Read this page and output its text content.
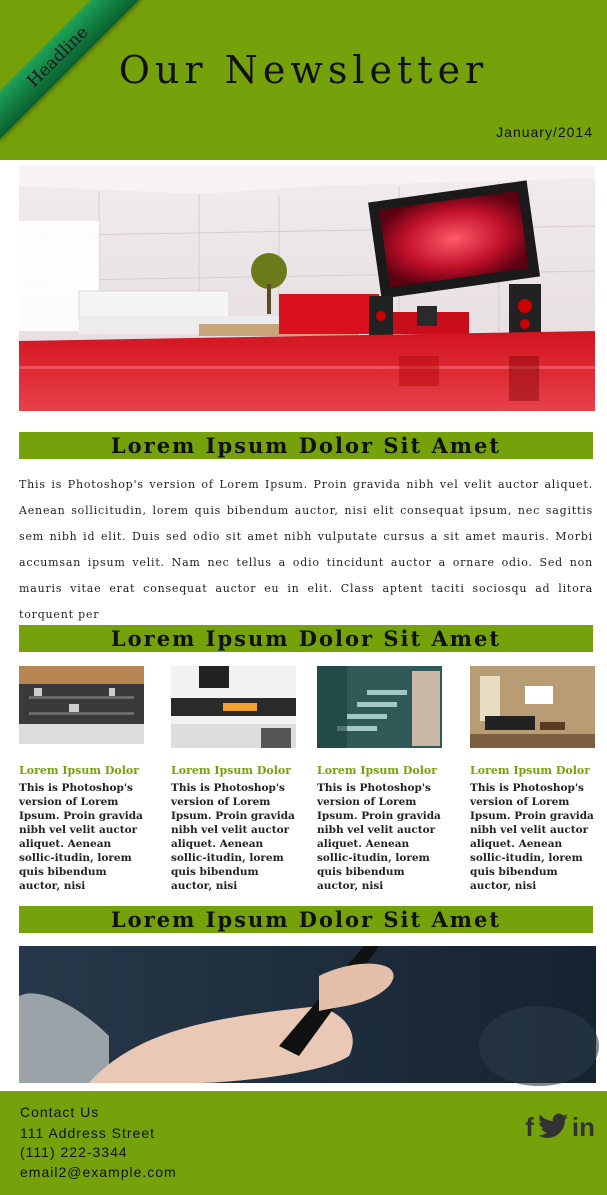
Headline Our Newsletter
January/2014
Lorem Ipsum Dolor Sit Amet
This is Photoshop's version of Lorem Ipsum. Proin gravida nibh vel velit auctor aliquet. Aenean sollicitudin, lorem quis bibendum auctor, nisi elit consequat ipsum, nec sagittis sem nibh id elit. Duis sed odio sit amet nibh vulputate cursus a sit amet mauris. Morbi accumsan ipsum velit. Nam nec tellus a odio tincidunt auctor a ornare odio. Sed non mauris vitae erat consequat auctor eu in elit. Class aptent taciti sociosqu ad litora torquent per
Lorem Ipsum Dolor Sit Amet
Lorem Ipsum Dolor
This is Photoshop's version of Lorem Ipsum. Proin gravida nibh vel velit auctor aliquet. Aenean sollic-itudin, lorem quis bibendum auctor, nisi
Lorem Ipsum Dolor
This is Photoshop's version of Lorem Ipsum. Proin gravida nibh vel velit auctor aliquet. Aenean sollic-itudin, lorem quis bibendum auctor, nisi
Lorem Ipsum Dolor
This is Photoshop's version of Lorem Ipsum. Proin gravida nibh vel velit auctor aliquet. Aenean sollic-itudin, lorem quis bibendum auctor, nisi
Lorem Ipsum Dolor
This is Photoshop's version of Lorem Ipsum. Proin gravida nibh vel velit auctor aliquet. Aenean sollic-itudin, lorem quis bibendum auctor, nisi
Lorem Ipsum Dolor Sit Amet
Contact Us
111 Address Street
(111) 222-3344
email2@example.com
f in
